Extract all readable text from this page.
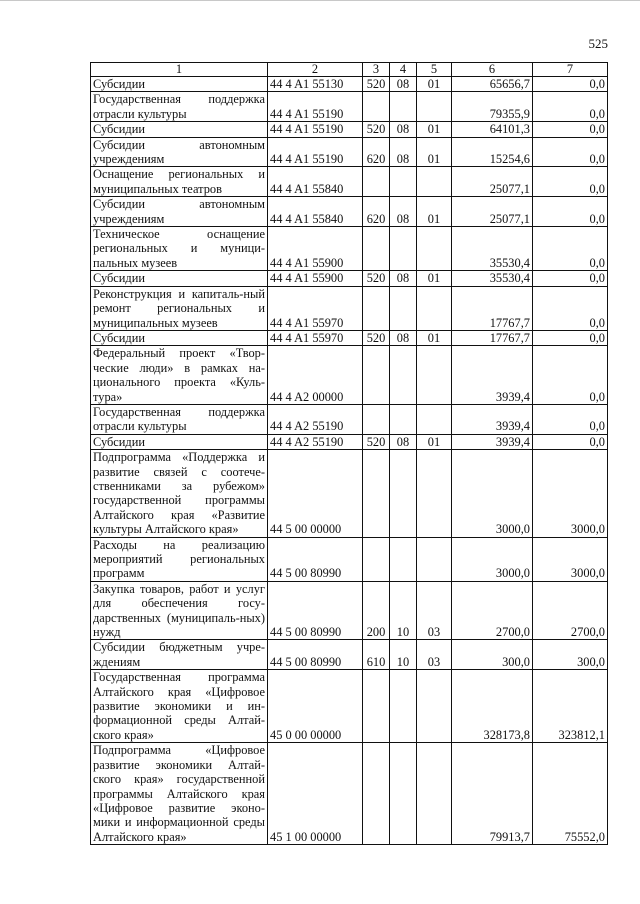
525
1	2	3	4	5	6	7
Субсидии	44 4 A1 55130	520	08	01	65656,7	0,0
Государственная поддержка отрасли культуры	44 4 A1 55190				79355,9	0,0
Субсидии	44 4 A1 55190	520	08	01	64101,3	0,0
Субсидии автономным учреждениям	44 4 A1 55190	620	08	01	15254,6	0,0
Оснащение региональных и муниципальных театров	44 4 A1 55840				25077,1	0,0
Субсидии автономным учреждениям	44 4 A1 55840	620	08	01	25077,1	0,0
Техническое оснащение региональных и муници-пальных музеев	44 4 A1 55900				35530,4	0,0
Субсидии	44 4 A1 55900	520	08	01	35530,4	0,0
Реконструкция и капиталь-ный ремонт региональных и муниципальных музеев	44 4 A1 55970				17767,7	0,0
Субсидии	44 4 A1 55970	520	08	01	17767,7	0,0
Федеральный проект «Твор-ческие люди» в рамках на-ционального проекта «Куль-тура»	44 4 A2 00000				3939,4	0,0
Государственная поддержка отрасли культуры	44 4 A2 55190				3939,4	0,0
Субсидии	44 4 A2 55190	520	08	01	3939,4	0,0
Подпрограмма «Поддержка и развитие связей с соотече-ственниками за рубежом» государственной программы Алтайского края «Развитие культуры Алтайского края»	44 5 00 00000				3000,0	3000,0
Расходы на реализацию мероприятий региональных программ	44 5 00 80990				3000,0	3000,0
Закупка товаров, работ и услуг для обеспечения госу-дарственных (муниципаль-ных) нужд	44 5 00 80990	200	10	03	2700,0	2700,0
Субсидии бюджетным учре-ждениям	44 5 00 80990	610	10	03	300,0	300,0
Государственная программа Алтайского края «Цифровое развитие экономики и ин-формационной среды Алтай-ского края»	45 0 00 00000				328173,8	323812,1
Подпрограмма «Цифровое развитие экономики Алтай-ского края» государственной программы Алтайского края «Цифровое развитие эконо-мики и информационной среды Алтайского края»	45 1 00 00000				79913,7	75552,0
